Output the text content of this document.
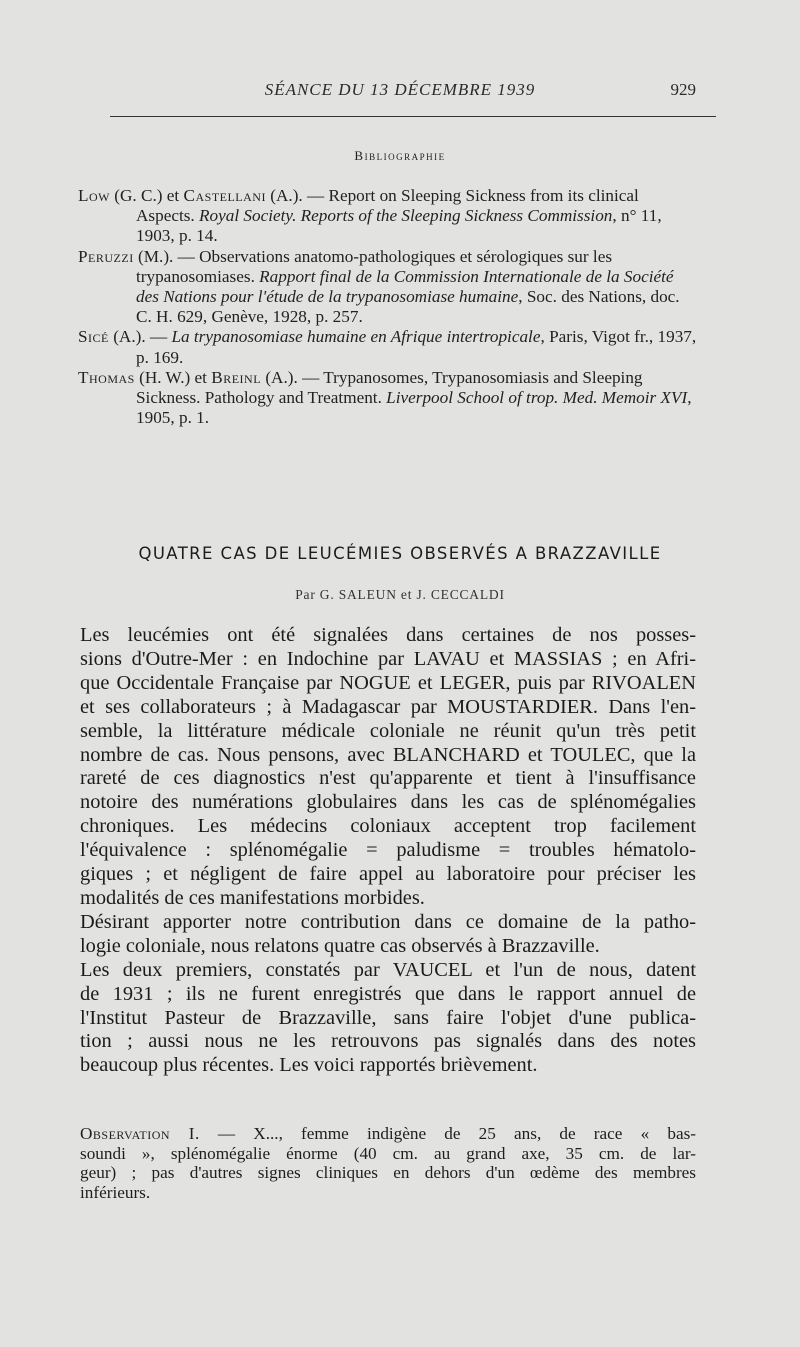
SÉANCE DU 13 DÉCEMBRE 1939	929
Bibliographie

Low (G. C.) et Castellani (A.). — Report on Sleeping Sickness from its clinical Aspects. Royal Society. Reports of the Sleeping Sickness Commission, n° 11, 1903, p. 14.

Peruzzi (M.). — Observations anatomo-pathologiques et sérologiques sur les trypanosomiases. Rapport final de la Commission Internationale de la Société des Nations pour l'étude de la trypanosomiase humaine, Soc. des Nations, doc. C. H. 629, Genève, 1928, p. 257.

Sicé (A.). — La trypanosomiase humaine en Afrique intertropicale, Paris, Vigot fr., 1937, p. 169.

Thomas (H. W.) et Breinl (A.). — Trypanosomes, Trypanosomiasis and Sleeping Sickness. Pathology and Treatment. Liverpool School of trop. Med. Memoir XVI, 1905, p. 1.

QUATRE CAS DE LEUCÉMIES OBSERVÉS A BRAZZAVILLE
Par G. SALEUN et J. CECCALDI

Les leucémies ont été signalées dans certaines de nos posses-
sions d'Outre-Mer : en Indochine par LAVAU et MASSIAS ; en Afri-
que Occidentale Française par NOGUE et LEGER, puis par RIVOALEN
et ses collaborateurs ; à Madagascar par MOUSTARDIER. Dans l'en-
semble, la littérature médicale coloniale ne réunit qu'un très petit
nombre de cas. Nous pensons, avec BLANCHARD et TOULEC, que la
rareté de ces diagnostics n'est qu'apparente et tient à l'insuffisance
notoire des numérations globulaires dans les cas de splénomégalies
chroniques. Les médecins coloniaux acceptent trop facilement
l'équivalence : splénomégalie = paludisme = troubles hématolo-
giques ; et négligent de faire appel au laboratoire pour préciser les
modalités de ces manifestations morbides.

Désirant apporter notre contribution dans ce domaine de la patho-
logie coloniale, nous relatons quatre cas observés à Brazzaville.

Les deux premiers, constatés par VAUCEL et l'un de nous, datent
de 1931 ; ils ne furent enregistrés que dans le rapport annuel de
l'Institut Pasteur de Brazzaville, sans faire l'objet d'une publica-
tion ; aussi nous ne les retrouvons pas signalés dans des notes
beaucoup plus récentes. Les voici rapportés brièvement.

Observation I. — X..., femme indigène de 25 ans, de race « bas-
soundi », splénomégalie énorme (40 cm. au grand axe, 35 cm. de lar-
geur) ; pas d'autres signes cliniques en dehors d'un œdème des membres
inférieurs.
